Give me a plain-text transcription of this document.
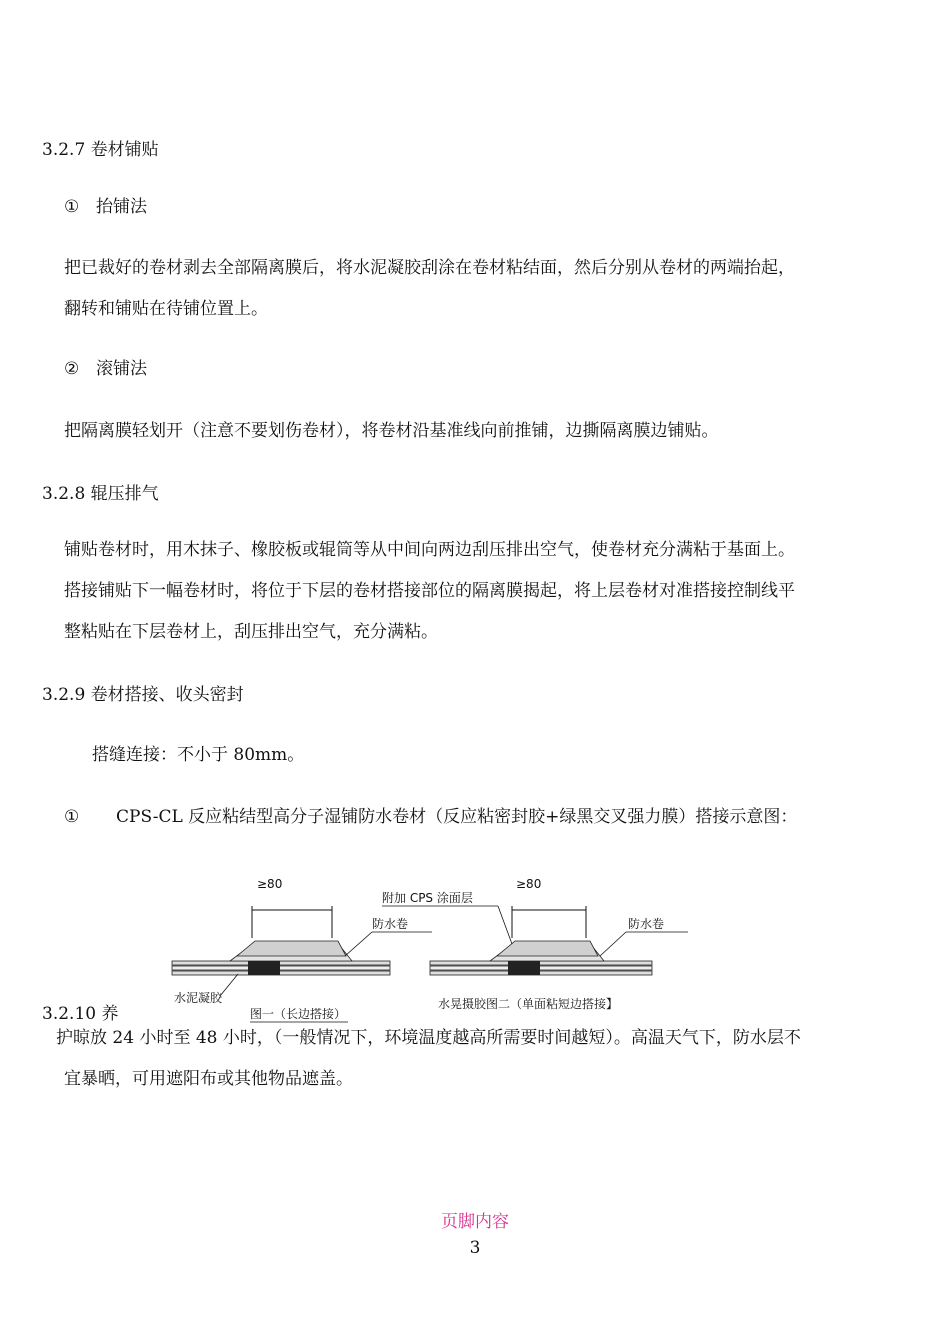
3.2.7 卷材铺贴
① 抬铺法

把已裁好的卷材剥去全部隔离膜后，将水泥凝胶刮涂在卷材粘结面，然后分别从卷材的两端抬起，

翻转和铺贴在待铺位置上。

② 滚铺法
把隔离膜轻划开（注意不要划伤卷材），将卷材沿基准线向前推铺，边撕隔离膜边铺贴。
3.2.8 辊压排气

铺贴卷材时，用木抹子、橡胶板或辊筒等从中间向两边刮压排出空气，使卷材充分满粘于基面上。

搭接铺贴下一幅卷材时，将位于下层的卷材搭接部位的隔离膜揭起，将上层卷材对准搭接控制线平

整粘贴在下层卷材上，刮压排出空气，充分满粘。

3.2.9 卷材搭接、收头密封
搭缝连接：不小于 80mm。
① CPS-CL 反应粘结型高分子湿铺防水卷材（反应粘密封胶+绿黑交叉强力膜）搭接示意图：
≥80
防水卷
水泥凝胶
图一（长边搭接）
≥80
防水卷
附加 CPS 涂面层
水晃摄胶图二（单面粘短边搭接】
3.2.10 养
护晾放 24 小时至 48 小时，（一般情况下，环境温度越高所需要时间越短）。高温天气下，防水层不
宜暴晒，可用遮阳布或其他物品遮盖。
页脚内容
3
